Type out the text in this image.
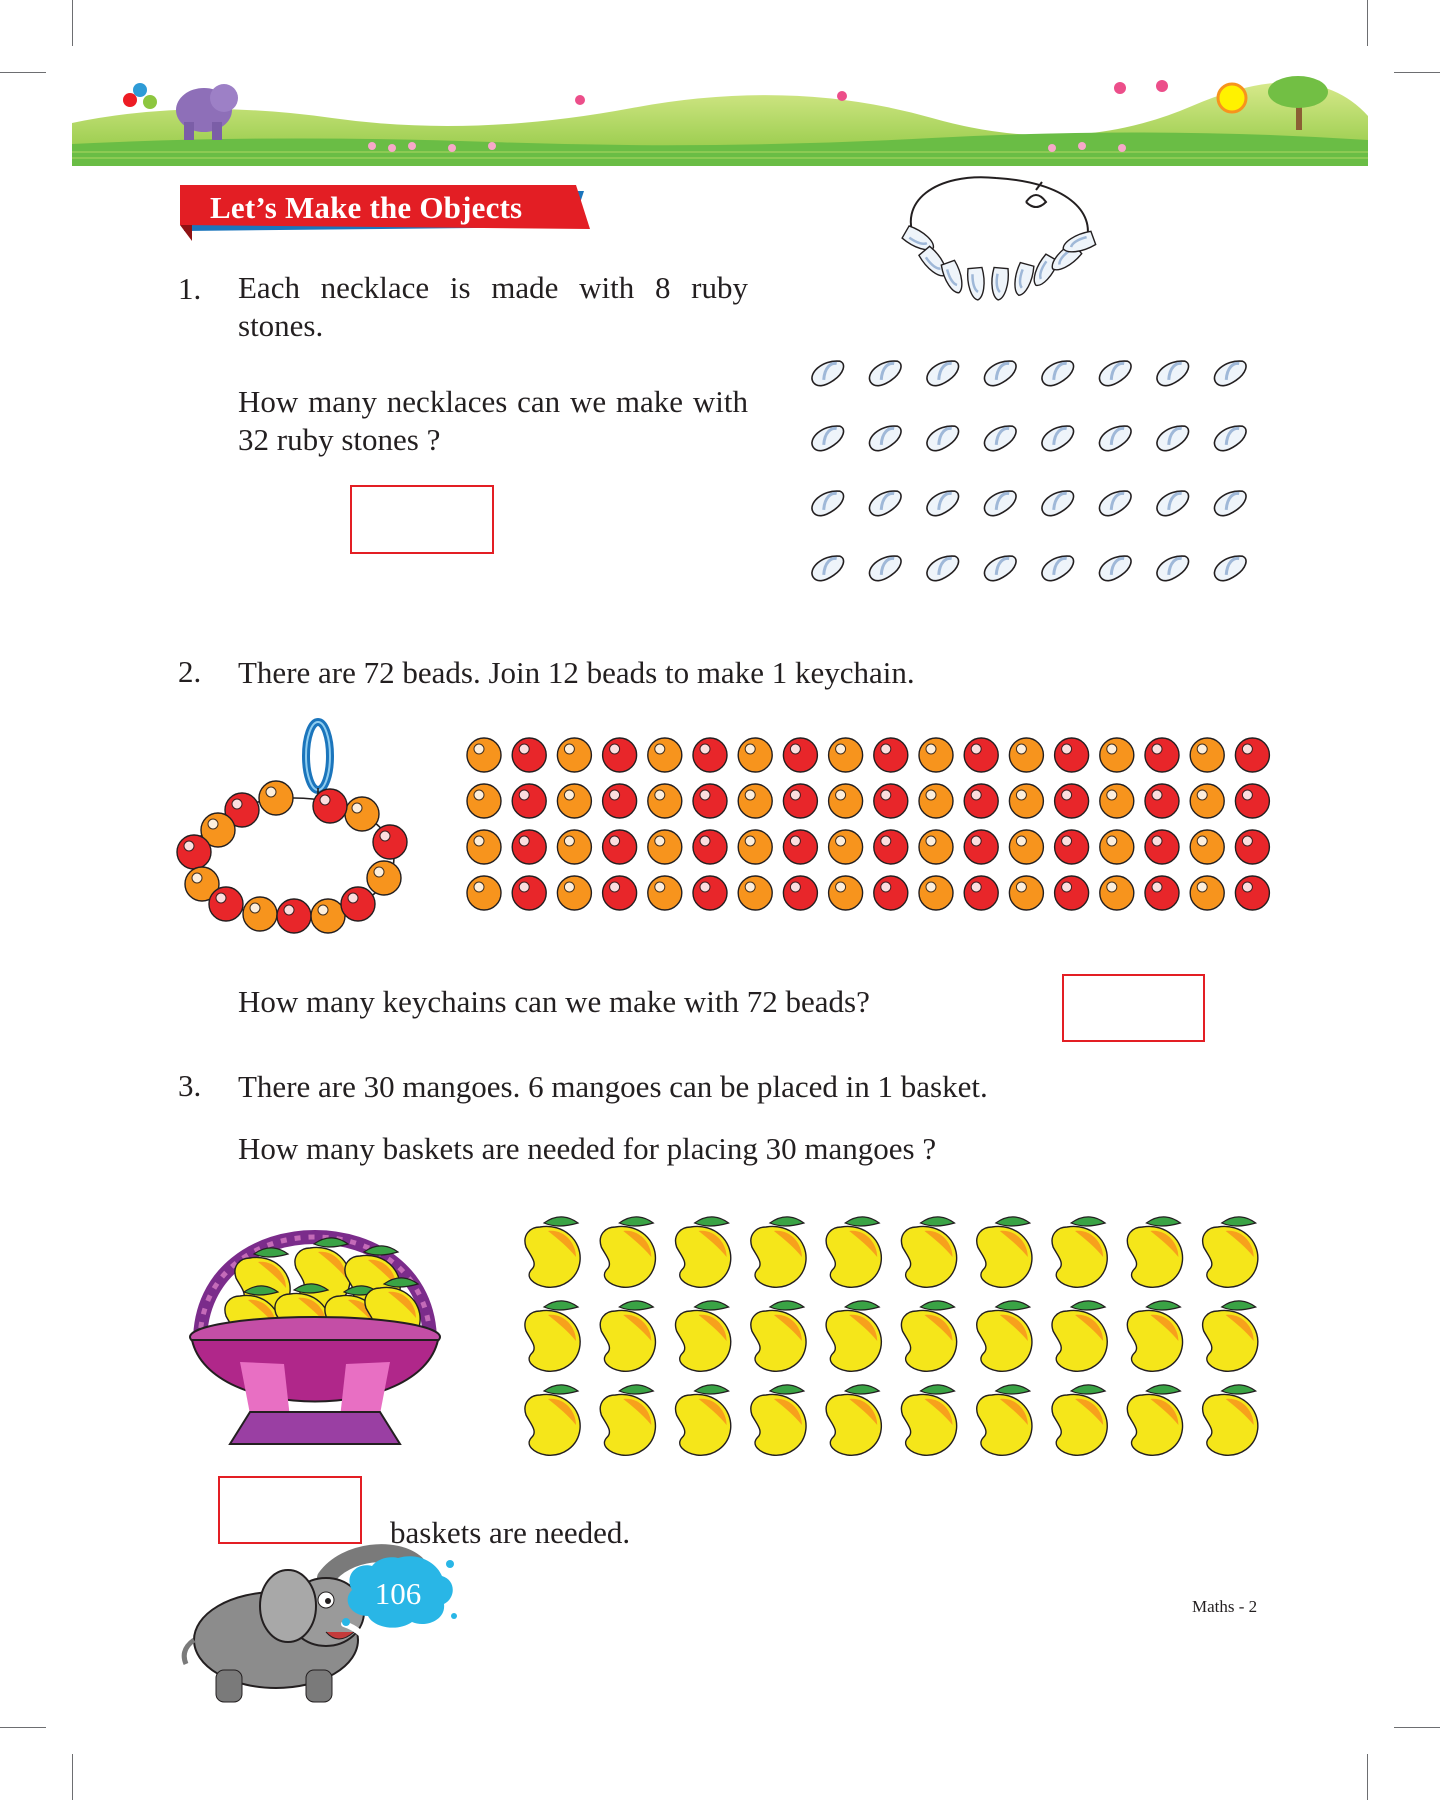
Let’s Make the Objects
1. Each necklace is made with 8 ruby stones.
How many necklaces can we make with 32 ruby stones ?
2. There are 72 beads. Join 12 beads to make 1 keychain.
How many keychains can we make with 72 beads?
3. There are 30 mangoes. 6 mangoes can be placed in 1 basket.
How many baskets are needed for placing 30 mangoes ?
baskets are needed.
106	Maths - 2
